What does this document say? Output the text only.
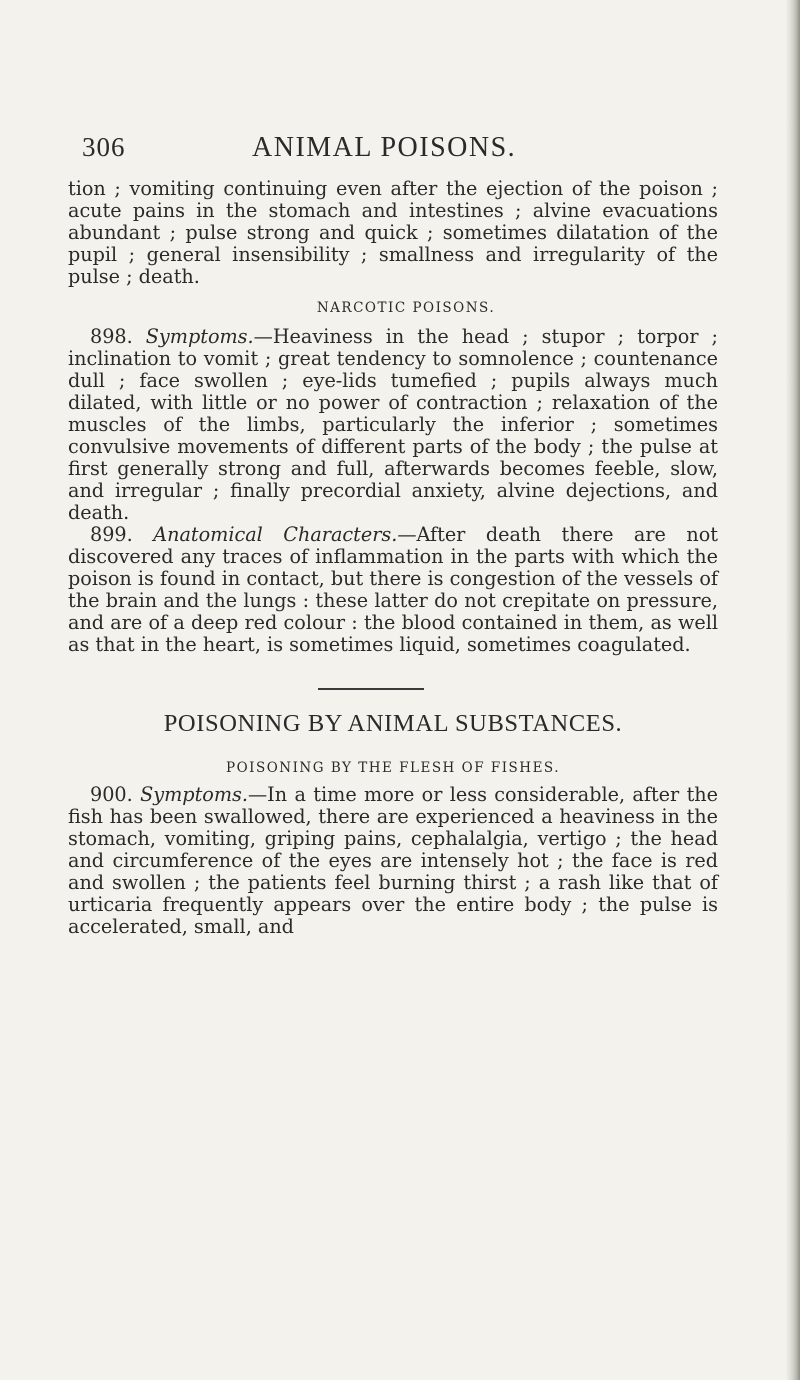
306	ANIMAL POISONS.

tion ; vomiting continuing even after the ejection of the poison ; acute pains in the stomach and intestines ; alvine evacuations abundant ; pulse strong and quick ; sometimes dilatation of the pupil ; general insensibility ; smallness and irregularity of the pulse ; death.

NARCOTIC POISONS.

898. Symptoms.—Heaviness in the head ; stupor ; torpor ; inclination to vomit ; great tendency to somnolence ; countenance dull ; face swollen ; eye-lids tumefied ; pupils always much dilated, with little or no power of contraction ; relaxation of the muscles of the limbs, particularly the inferior ; sometimes convulsive movements of different parts of the body ; the pulse at first generally strong and full, afterwards becomes feeble, slow, and irregular ; finally precordial anxiety, alvine dejections, and death.

899. Anatomical Characters.—After death there are not discovered any traces of inflammation in the parts with which the poison is found in contact, but there is congestion of the vessels of the brain and the lungs : these latter do not crepitate on pressure, and are of a deep red colour : the blood contained in them, as well as that in the heart, is sometimes liquid, sometimes coagulated.

POISONING BY ANIMAL SUBSTANCES.
POISONING BY THE FLESH OF FISHES.

900. Symptoms.—In a time more or less considerable, after the fish has been swallowed, there are experienced a heaviness in the stomach, vomiting, griping pains, cephalalgia, vertigo ; the head and circumference of the eyes are intensely hot ; the face is red and swollen ; the patients feel burning thirst ; a rash like that of urticaria frequently appears over the entire body ; the pulse is accelerated, small, and
